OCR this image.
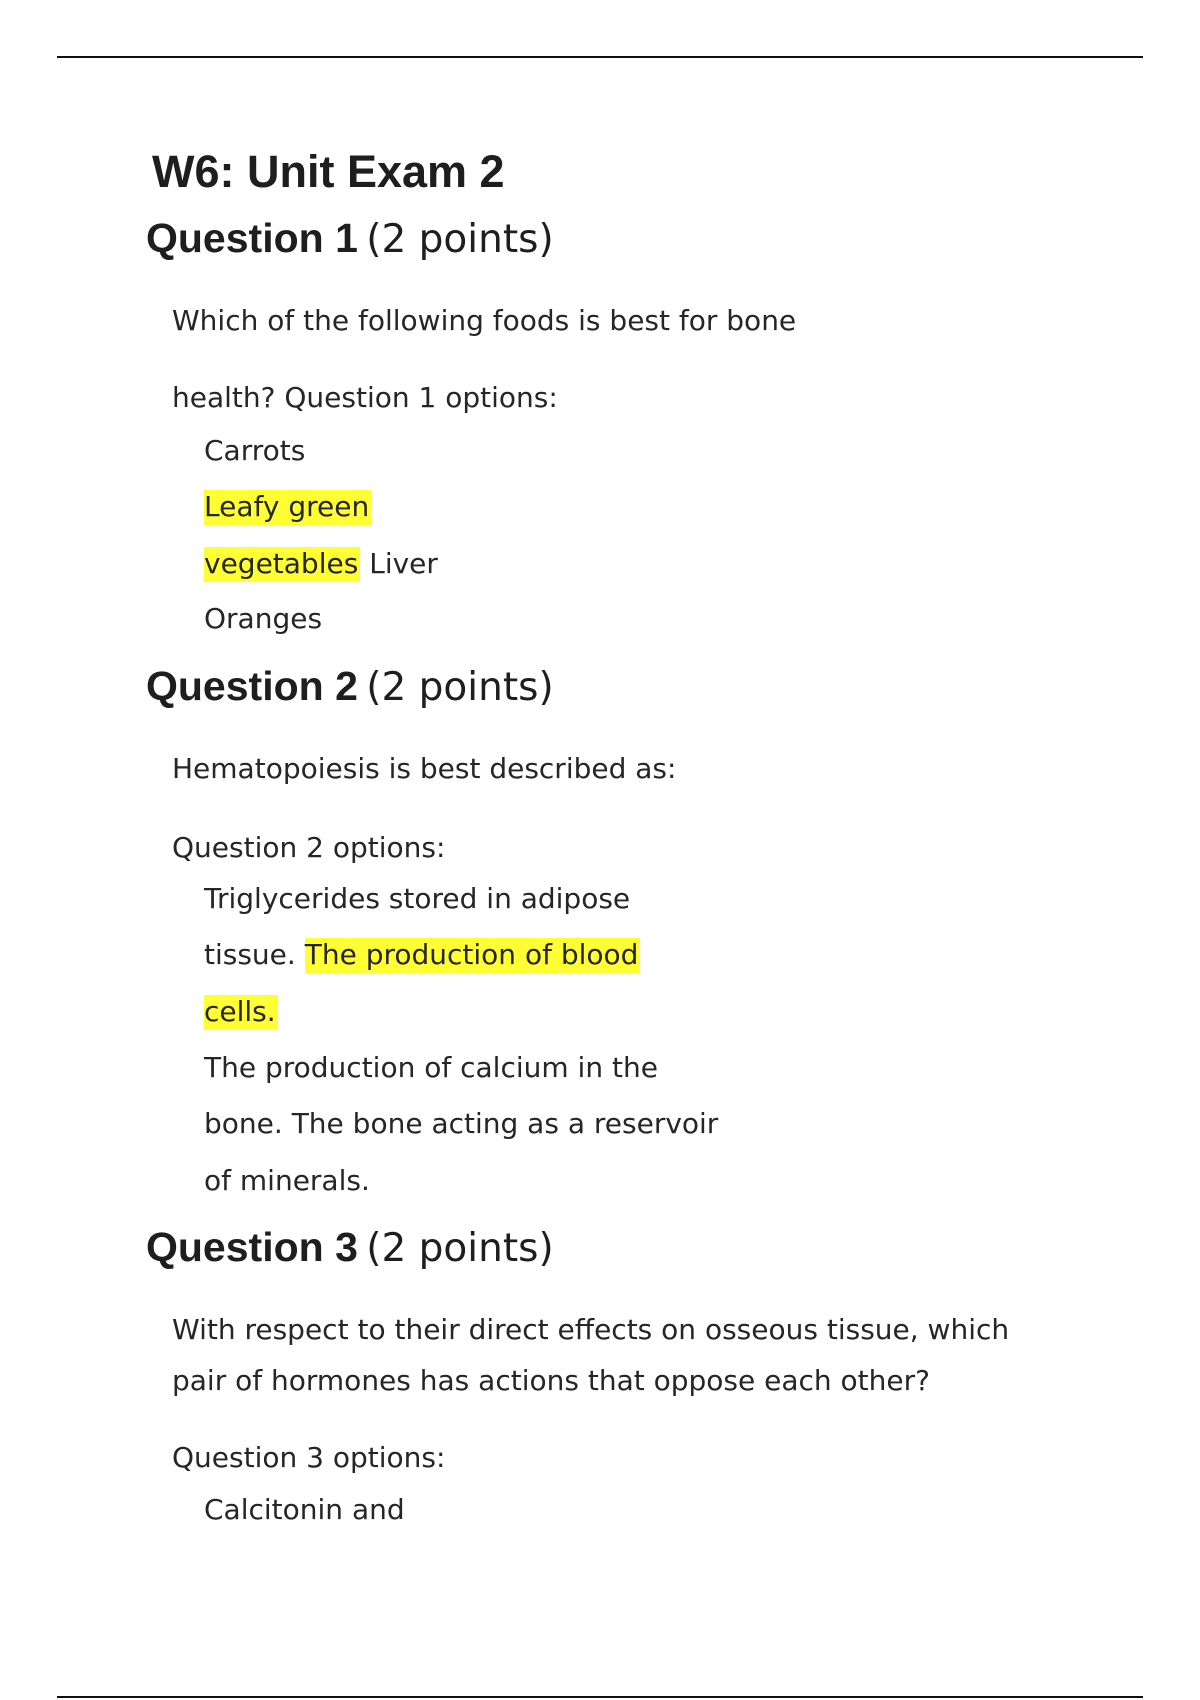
W6: Unit Exam 2
Question 1 (2 points)

Which of the following foods is best for bone

health? Question 1 options:

Carrots

Leafy green

vegetables Liver

Oranges

Question 2 (2 points)

Hematopoiesis is best described as:

Question 2 options:

Triglycerides stored in adipose

tissue. The production of blood

cells.

The production of calcium in the

bone. The bone acting as a reservoir

of minerals.

Question 3 (2 points)

With respect to their direct effects on osseous tissue, which

pair of hormones has actions that oppose each other?

Question 3 options:

Calcitonin and
